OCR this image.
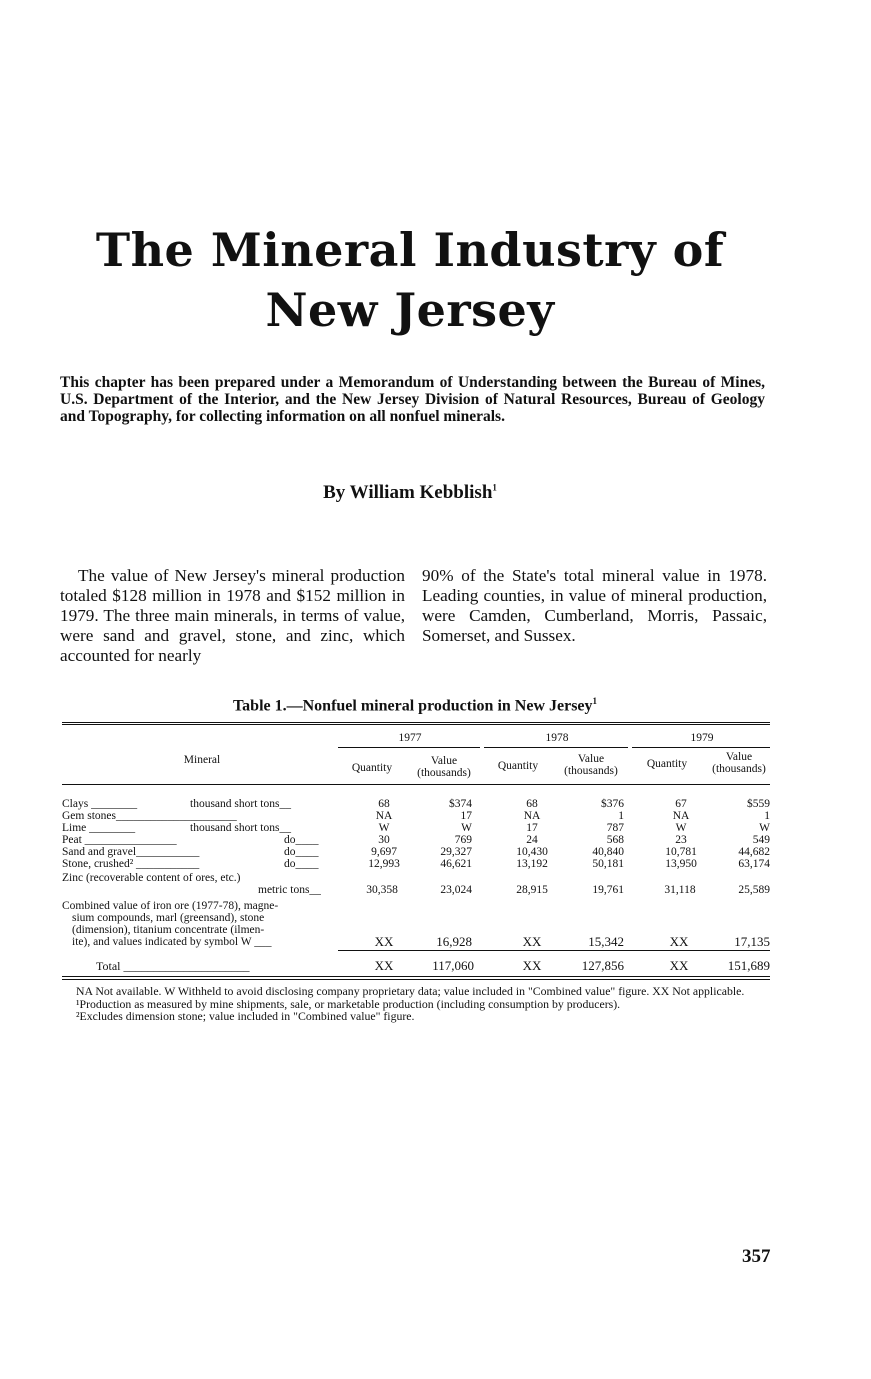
The Mineral Industry of
New Jersey
This chapter has been prepared under a Memorandum of Understanding between the Bureau of Mines, U.S. Department of the Interior, and the New Jersey Division of Natural Resources, Bureau of Geology and Topography, for collecting information on all nonfuel minerals.
By William Kebblish$^1$

The value of New Jersey's mineral production totaled $128 million in 1978 and $152 million in 1979. The three main minerals, in terms of value, were sand and gravel, stone, and zinc, which accounted for nearly

90% of the State's total mineral value in 1978. Leading counties, in value of mineral production, were Camden, Cumberland, Morris, Passaic, Somerset, and Sussex.

Table 1.—Nonfuel mineral production in New Jersey$^1$
Mineral
1977	1978	1979
Quantity
Value
(thousands)
Quantity
Value
(thousands)
Quantity
Value
(thousands)
Clays ________	thousand short tons__	68	$374	68	$376	67	$559
Gem stones_____________________	NA	17	NA	1	NA	1
Lime ________	thousand short tons__	W	W	17	787	W	W
Peat ________________	do____	30	769	24	568	23	549
Sand and gravel___________	do____	9,697	29,327	10,430	40,840	10,781	44,682
Stone, crushed² ___________	do____	12,993	46,621	13,192	50,181	13,950	63,174
Zinc (recoverable content of ores, etc.)
metric tons__	30,358	23,024	28,915	19,761	31,118	25,589
Combined value of iron ore (1977-78), magne-
sium compounds, marl (greensand), stone
(dimension), titanium concentrate (ilmen-
ite), and values indicated by symbol W ___	XX	16,928	XX	15,342	XX	17,135
Total _____________________	XX	117,060	XX	127,856	XX	151,689
NA Not available. W Withheld to avoid disclosing company proprietary data; value included in "Combined value" figure. XX Not applicable.
¹Production as measured by mine shipments, sale, or marketable production (including consumption by producers).
²Excludes dimension stone; value included in "Combined value" figure.
357
